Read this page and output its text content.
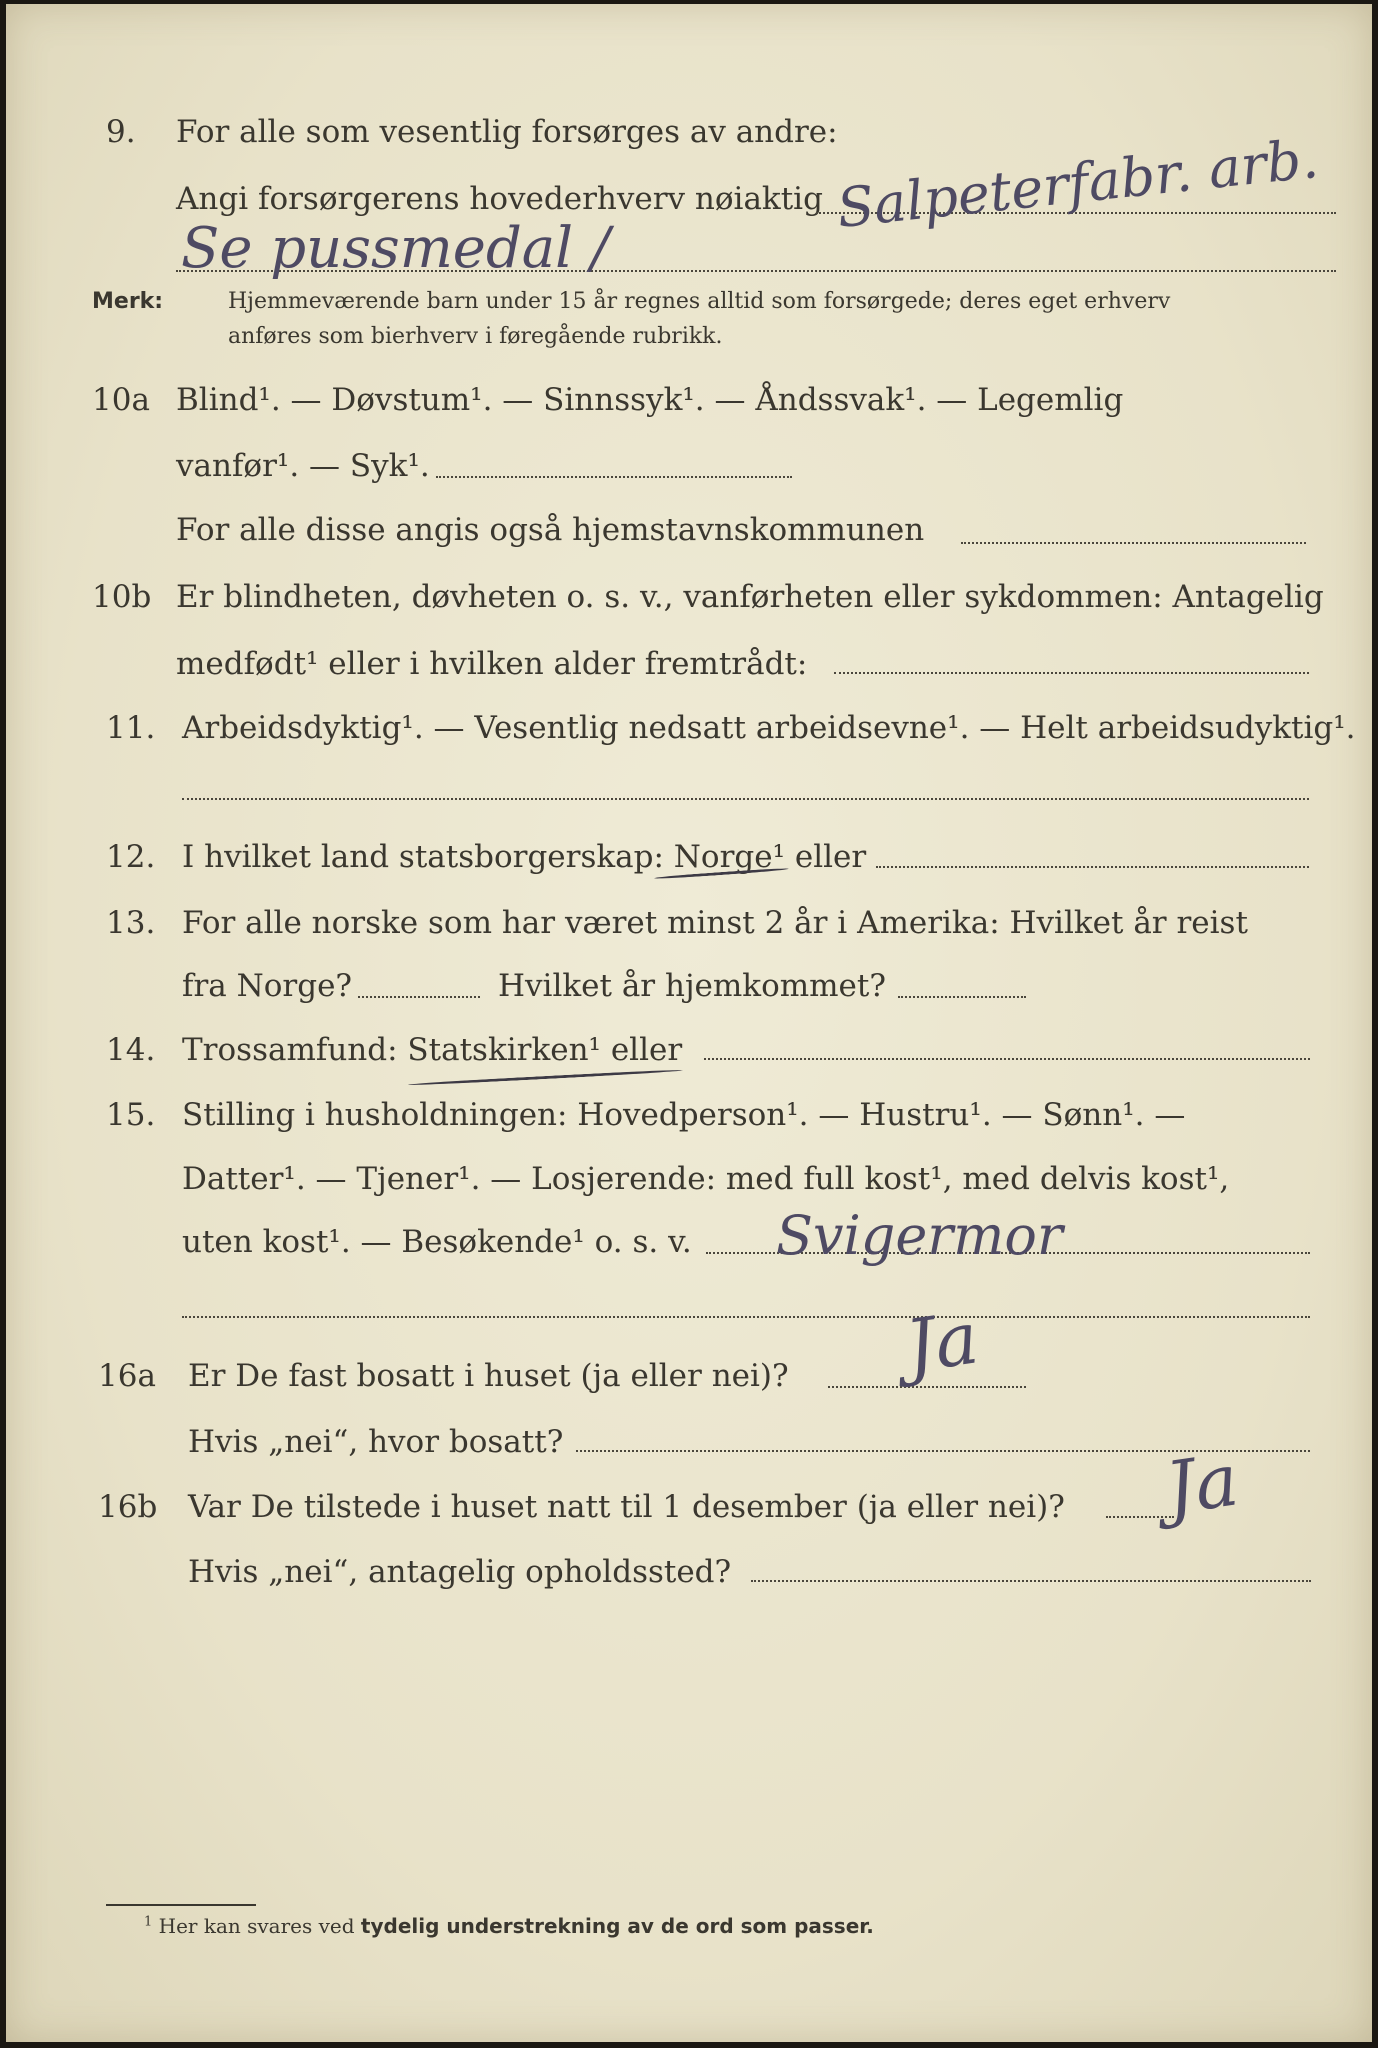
9. For alle som vesentlig forsørges av andre:
Angi forsørgerens hovederhverv nøiaktig Salpeterfabr. arb.
Se pussmedal /
Merk:	Hjemmeværende barn under 15 år regnes alltid som forsørgede; deres eget erhverv
anføres som bierhverv i føregående rubrikk.
10a Blind¹. — Døvstum¹. — Sinnssyk¹. — Åndssvak¹. — Legemlig
vanfør¹. — Syk¹.
For alle disse angis også hjemstavnskommunen
10b Er blindheten, døvheten o. s. v., vanførheten eller sykdommen: Antagelig
medfødt¹ eller i hvilken alder fremtrådt:
11. Arbeidsdyktig¹. — Vesentlig nedsatt arbeidsevne¹. — Helt arbeidsudyktig¹.
12. I hvilket land statsborgerskap: Norge¹ eller
13. For alle norske som har været minst 2 år i Amerika: Hvilket år reist
fra Norge?	Hvilket år hjemkommet?
14. Trossamfund: Statskirken¹ eller
15. Stilling i husholdningen: Hovedperson¹. — Hustru¹. — Sønn¹. —
Datter¹. — Tjener¹. — Losjerende: med full kost¹, med delvis kost¹,
uten kost¹. — Besøkende¹ o. s. v. Svigermor
16a Er De fast bosatt i huset (ja eller nei)? Ja
Hvis „nei“, hvor bosatt?
16b Var De tilstede i huset natt til 1 desember (ja eller nei)? Ja
Hvis „nei“, antagelig opholdssted?
$^1$ Her kan svares ved tydelig understrekning av de ord som passer.
